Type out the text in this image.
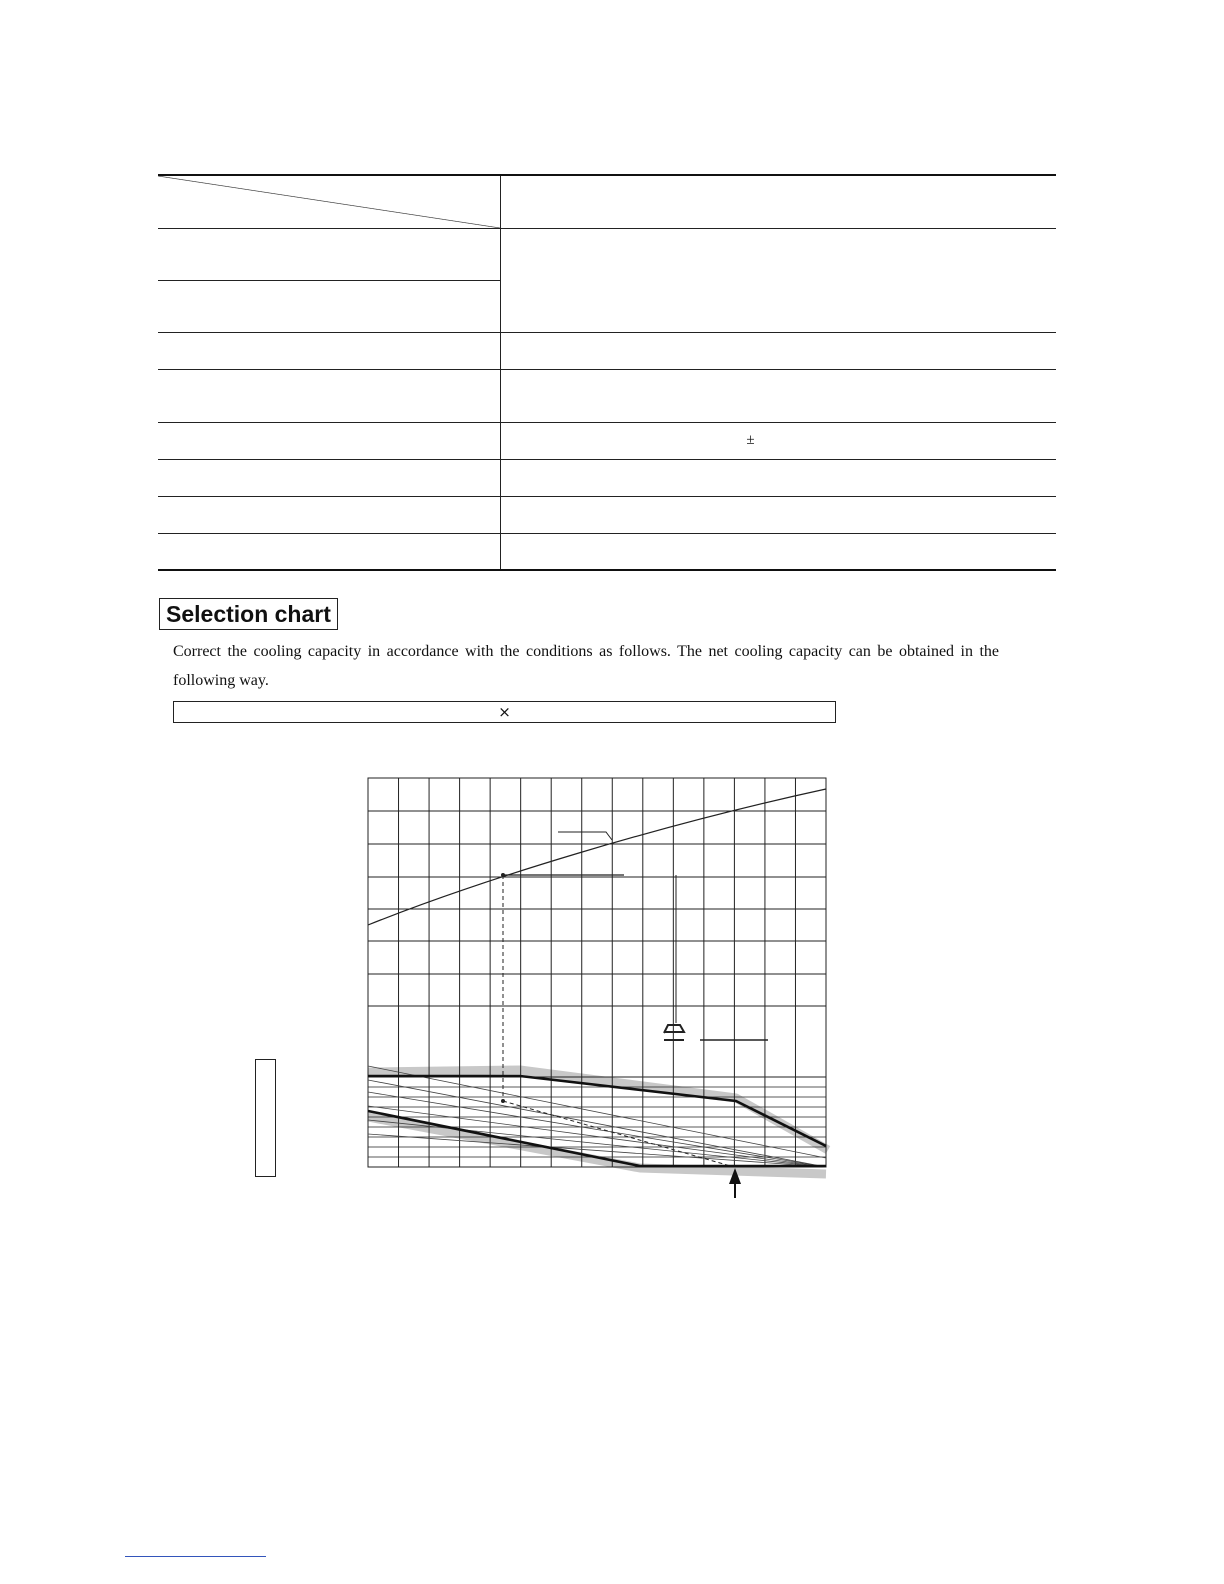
	±

Selection chart

Correct the cooling capacity in accordance with the conditions as follows. The net cooling capacity can be obtained in the following way.

×
